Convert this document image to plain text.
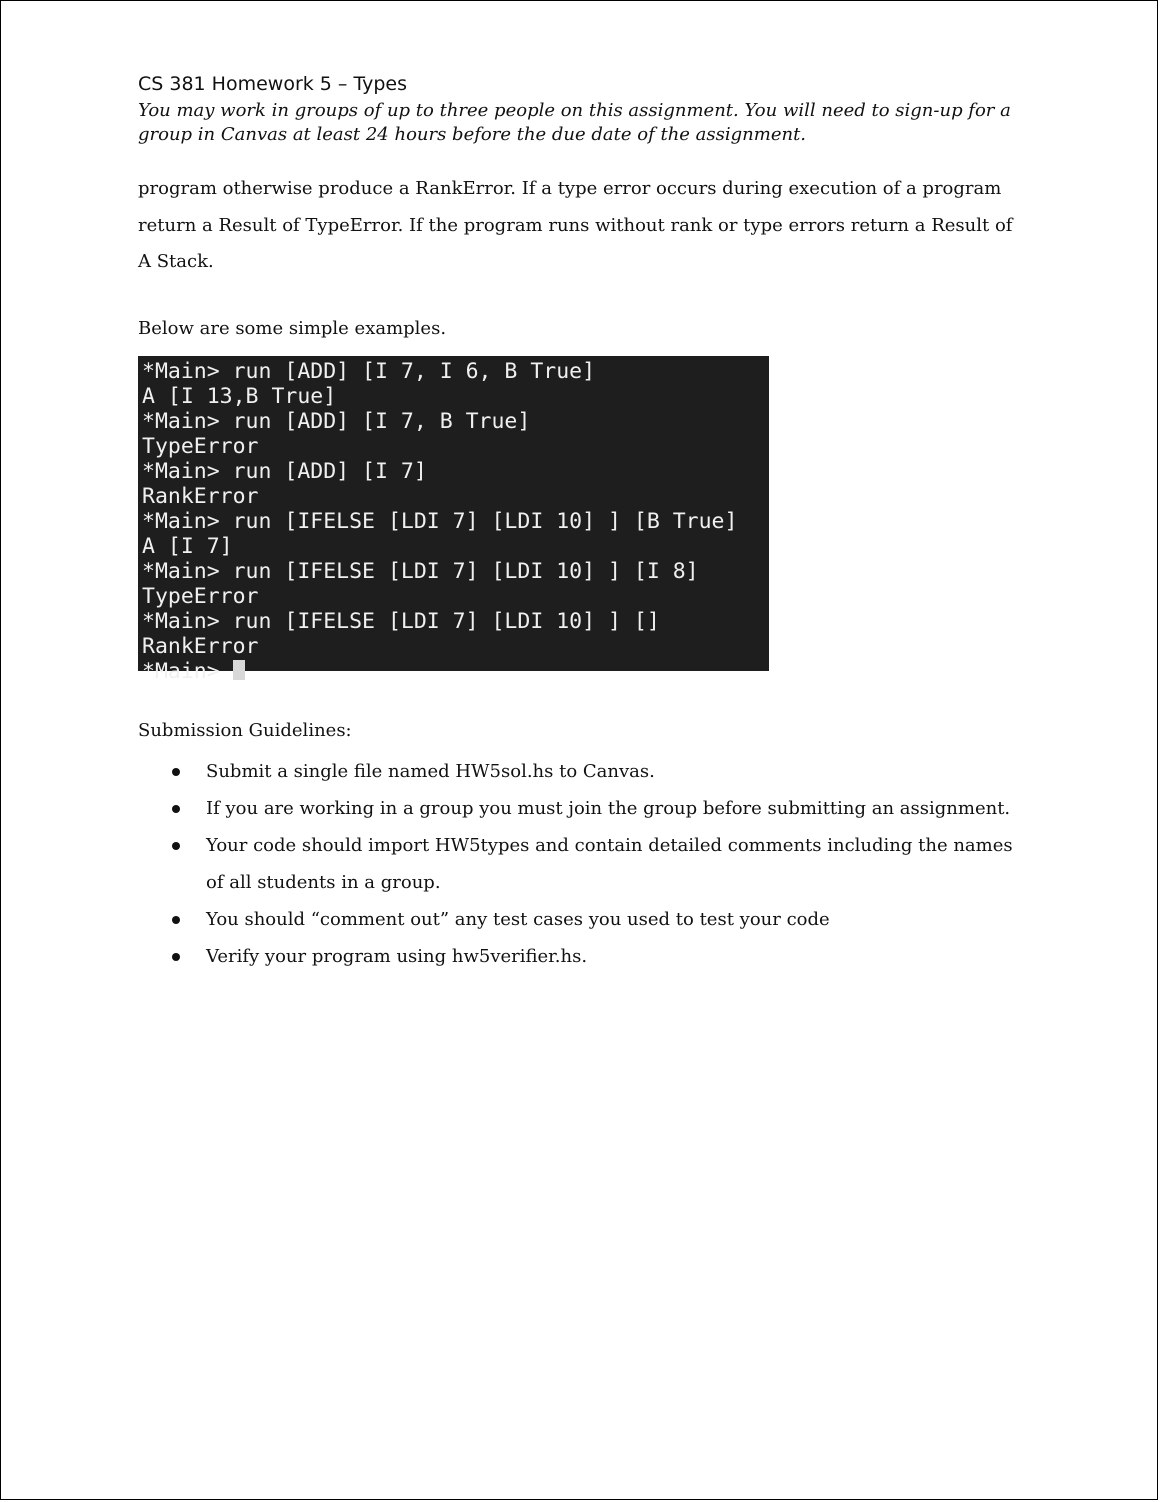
CS 381 Homework 5 – Types
You may work in groups of up to three people on this assignment. You will need to sign-up for a group in Canvas at least 24 hours before the due date of the assignment.
program otherwise produce a RankError. If a type error occurs during execution of a program return a Result of TypeError. If the program runs without rank or type errors return a Result of A Stack.
Below are some simple examples.
*Main> run [ADD] [I 7, I 6, B True]
A [I 13,B True]
*Main> run [ADD] [I 7, B True]
TypeError
*Main> run [ADD] [I 7]
RankError
*Main> run [IFELSE [LDI 7] [LDI 10] ] [B True]
A [I 7]
*Main> run [IFELSE [LDI 7] [LDI 10] ] [I 8]
TypeError
*Main> run [IFELSE [LDI 7] [LDI 10] ] []
RankError
*Main>
Submission Guidelines:
Submit a single file named HW5sol.hs to Canvas.
If you are working in a group you must join the group before submitting an assignment.
Your code should import HW5types and contain detailed comments including the names of all students in a group.
You should “comment out” any test cases you used to test your code
Verify your program using hw5verifier.hs.
